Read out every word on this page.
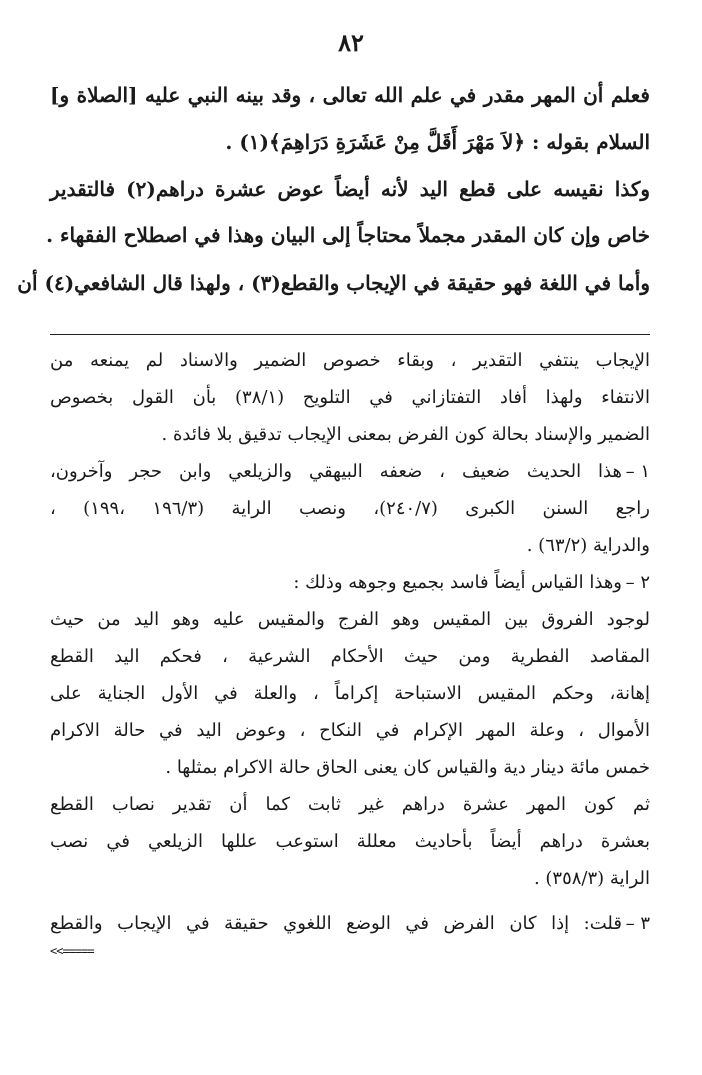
٨٢
فعلم أن المهر مقدر في علم الله تعالى ، وقد بينه النبي عليه [الصلاة و]
السلام بقوله : ﴿لاَ مَهْرَ أَقَلَّ مِنْ عَشَرَةِ دَرَاهِمَ﴾(١) .
وكذا نقيسه على قطع اليد لأنه أيضاً عوض عشرة دراهم(٢) فالتقدير
خاص وإن كان المقدر مجملاً محتاجاً إلى البيان وهذا في اصطلاح الفقهاء .
وأما في اللغة فهو حقيقة في الإيجاب والقطع(٣) ، ولهذا قال الشافعي(٤) أن
الإيجاب ينتفي التقدير ، وبقاء خصوص الضمير والاسناد لم يمنعه من
الانتفاء ولهذا أفاد التفتازاني في التلويح (٣٨/١) بأن القول بخصوص
الضمير والإسناد بحالة كون الفرض بمعنى الإيجاب تدقيق بلا فائدة .
١ –
هذا الحديث ضعيف ، ضعفه البيهقي والزيلعي وابن حجر وآخرون،
راجع السنن الكبرى (٢٤٠/٧)، ونصب الراية (١٩٦/٣ ،١٩٩) ،
والدراية (٦٣/٢) .
٢ –
وهذا القياس أيضاً فاسد بجميع وجوهه وذلك :
لوجود الفروق بين المقيس وهو الفرج والمقيس عليه وهو اليد من حيث
المقاصد الفطرية ومن حيث الأحكام الشرعية ، فحكم اليد القطع
إهانة، وحكم المقيس الاستباحة إكراماً ، والعلة في الأول الجناية على
الأموال ، وعلة المهر الإكرام في النكاح ، وعوض اليد في حالة الاكرام
خمس مائة دينار دية والقياس كان يعنى الحاق حالة الاكرام بمثلها .
ثم كون المهر عشرة دراهم غير ثابت كما أن تقدير نصاب القطع
بعشرة دراهم أيضاً بأحاديث معللة استوعب عللها الزيلعي في نصب
الراية (٣٥٨/٣) .
٣ –
قلت: إذا كان الفرض في الوضع اللغوي حقيقة في الإيجاب والقطع
<<=====
